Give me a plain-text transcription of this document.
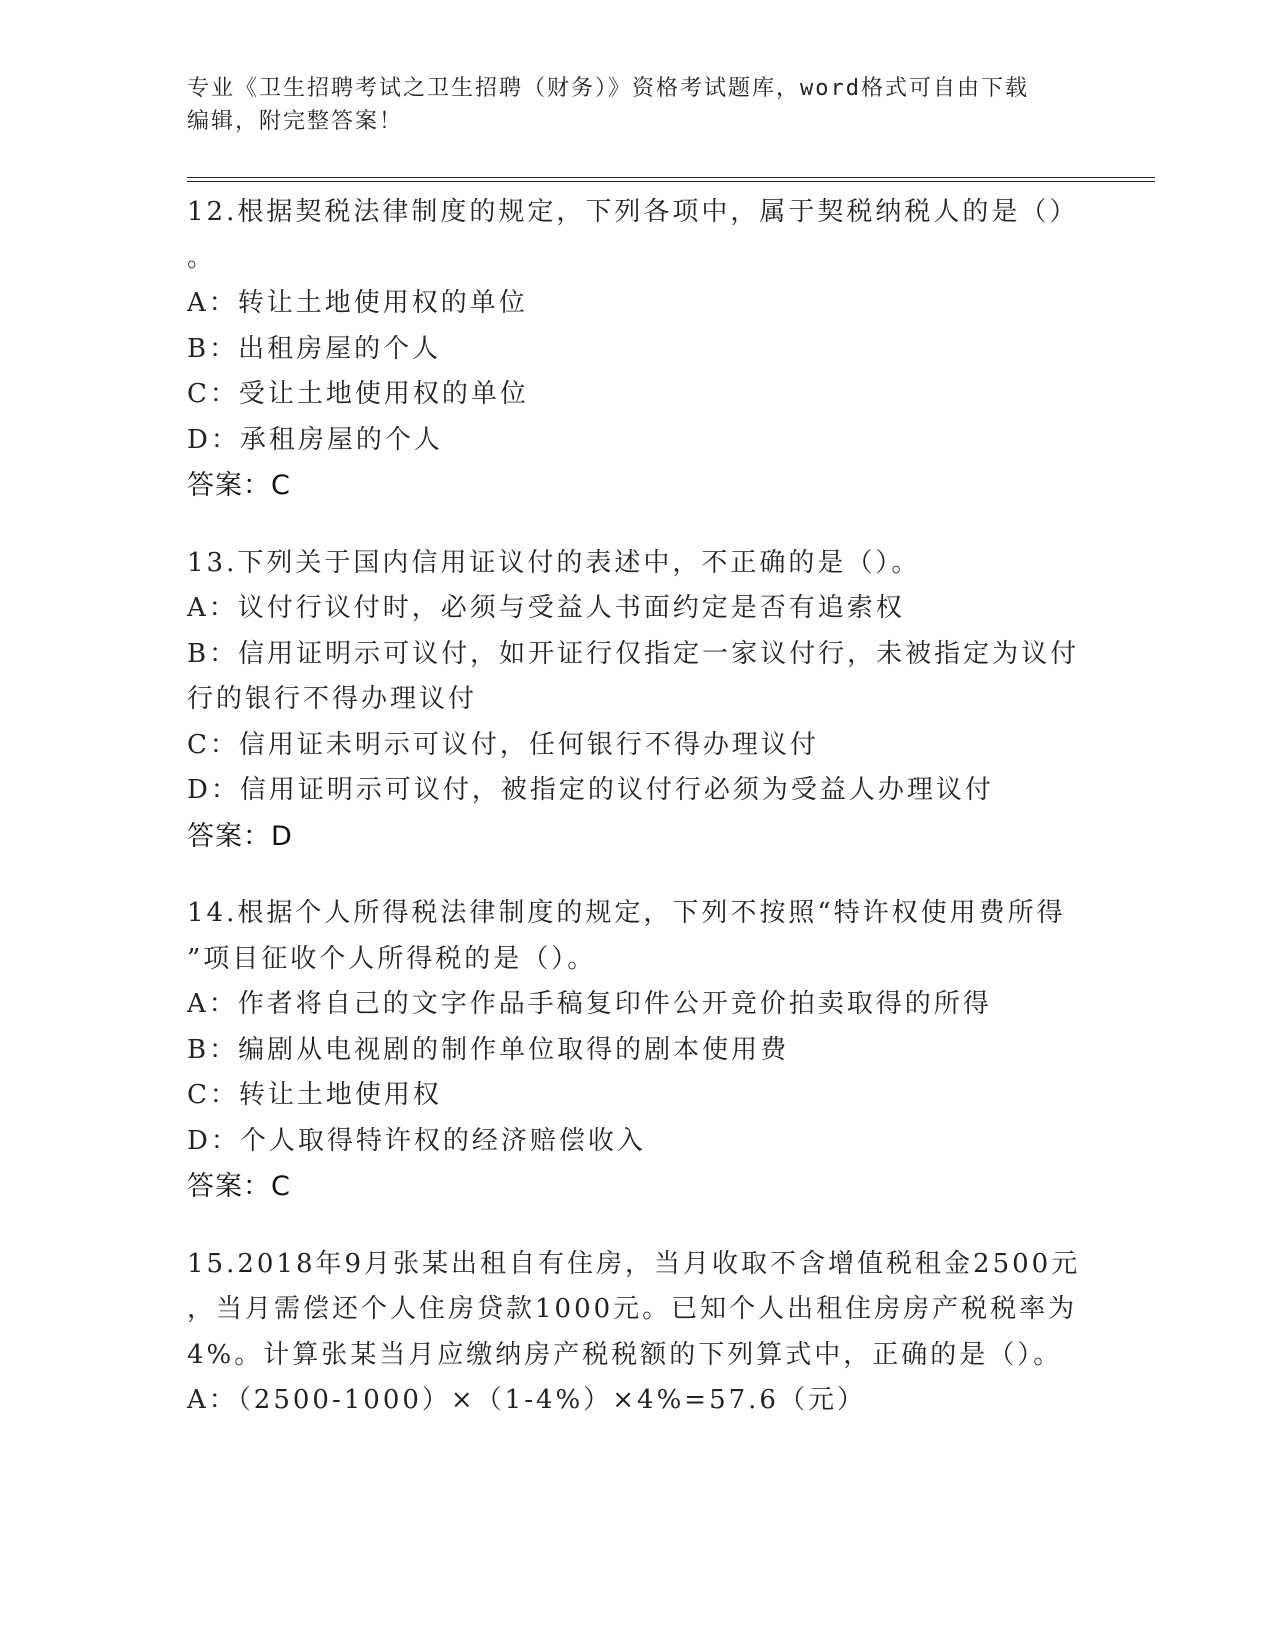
专业《卫生招聘考试之卫生招聘（财务）》资格考试题库，word格式可自由下载
编辑，附完整答案！
12.根据契税法律制度的规定，下列各项中，属于契税纳税人的是（）
。
A：转让土地使用权的单位
B：出租房屋的个人
C：受让土地使用权的单位
D：承租房屋的个人
答案：C
13.下列关于国内信用证议付的表述中，不正确的是（）。
A：议付行议付时，必须与受益人书面约定是否有追索权
B：信用证明示可议付，如开证行仅指定一家议付行，未被指定为议付
行的银行不得办理议付
C：信用证未明示可议付，任何银行不得办理议付
D：信用证明示可议付，被指定的议付行必须为受益人办理议付
答案：D
14.根据个人所得税法律制度的规定，下列不按照“特许权使用费所得
”项目征收个人所得税的是（）。
A：作者将自己的文字作品手稿复印件公开竞价拍卖取得的所得
B：编剧从电视剧的制作单位取得的剧本使用费
C：转让土地使用权
D：个人取得特许权的经济赔偿收入
答案：C
15.2018年9月张某出租自有住房，当月收取不含增值税租金2500元
，当月需偿还个人住房贷款1000元。已知个人出租住房房产税税率为
4%。计算张某当月应缴纳房产税税额的下列算式中，正确的是（）。
A：（2500-1000）×（1-4%）×4%=57.6（元）
